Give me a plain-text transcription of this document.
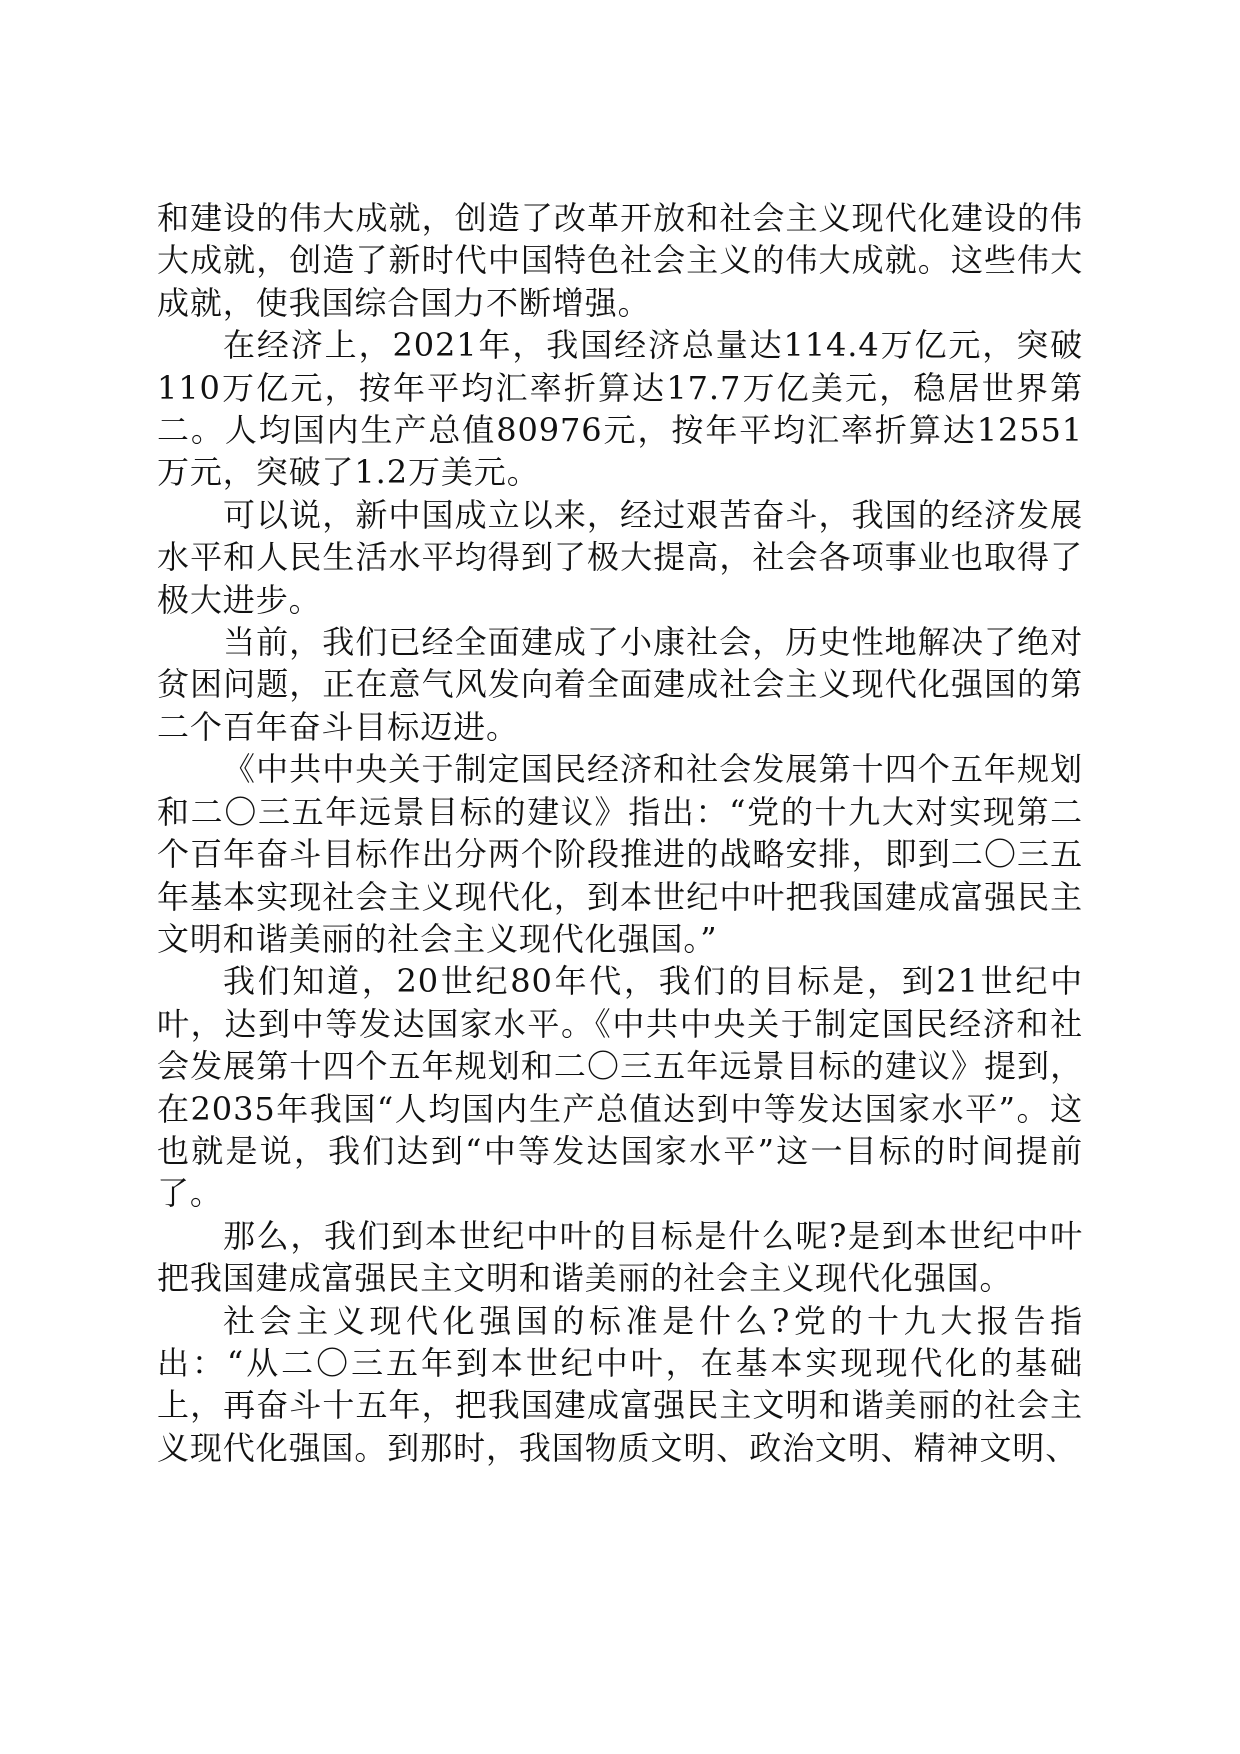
和建设的伟大成就，创造了改革开放和社会主义现代化建设的伟大成就，创造了新时代中国特色社会主义的伟大成就。这些伟大成就，使我国综合国力不断增强。

在经济上，2021年，我国经济总量达114.4万亿元，突破110万亿元，按年平均汇率折算达17.7万亿美元，稳居世界第二。人均国内生产总值80976元，按年平均汇率折算达12551万元，突破了1.2万美元。

可以说，新中国成立以来，经过艰苦奋斗，我国的经济发展水平和人民生活水平均得到了极大提高，社会各项事业也取得了极大进步。

当前，我们已经全面建成了小康社会，历史性地解决了绝对贫困问题，正在意气风发向着全面建成社会主义现代化强国的第二个百年奋斗目标迈进。

《中共中央关于制定国民经济和社会发展第十四个五年规划和二〇三五年远景目标的建议》指出：“党的十九大对实现第二个百年奋斗目标作出分两个阶段推进的战略安排，即到二〇三五年基本实现社会主义现代化，到本世纪中叶把我国建成富强民主文明和谐美丽的社会主义现代化强国。”

我们知道，20世纪80年代，我们的目标是，到21世纪中叶，达到中等发达国家水平。《中共中央关于制定国民经济和社会发展第十四个五年规划和二〇三五年远景目标的建议》提到，在2035年我国“人均国内生产总值达到中等发达国家水平”。这也就是说，我们达到“中等发达国家水平”这一目标的时间提前了。

那么，我们到本世纪中叶的目标是什么呢?是到本世纪中叶把我国建成富强民主文明和谐美丽的社会主义现代化强国。

社会主义现代化强国的标准是什么?党的十九大报告指出：“从二〇三五年到本世纪中叶，在基本实现现代化的基础上，再奋斗十五年，把我国建成富强民主文明和谐美丽的社会主义现代化强国。到那时，我国物质文明、政治文明、精神文明、
